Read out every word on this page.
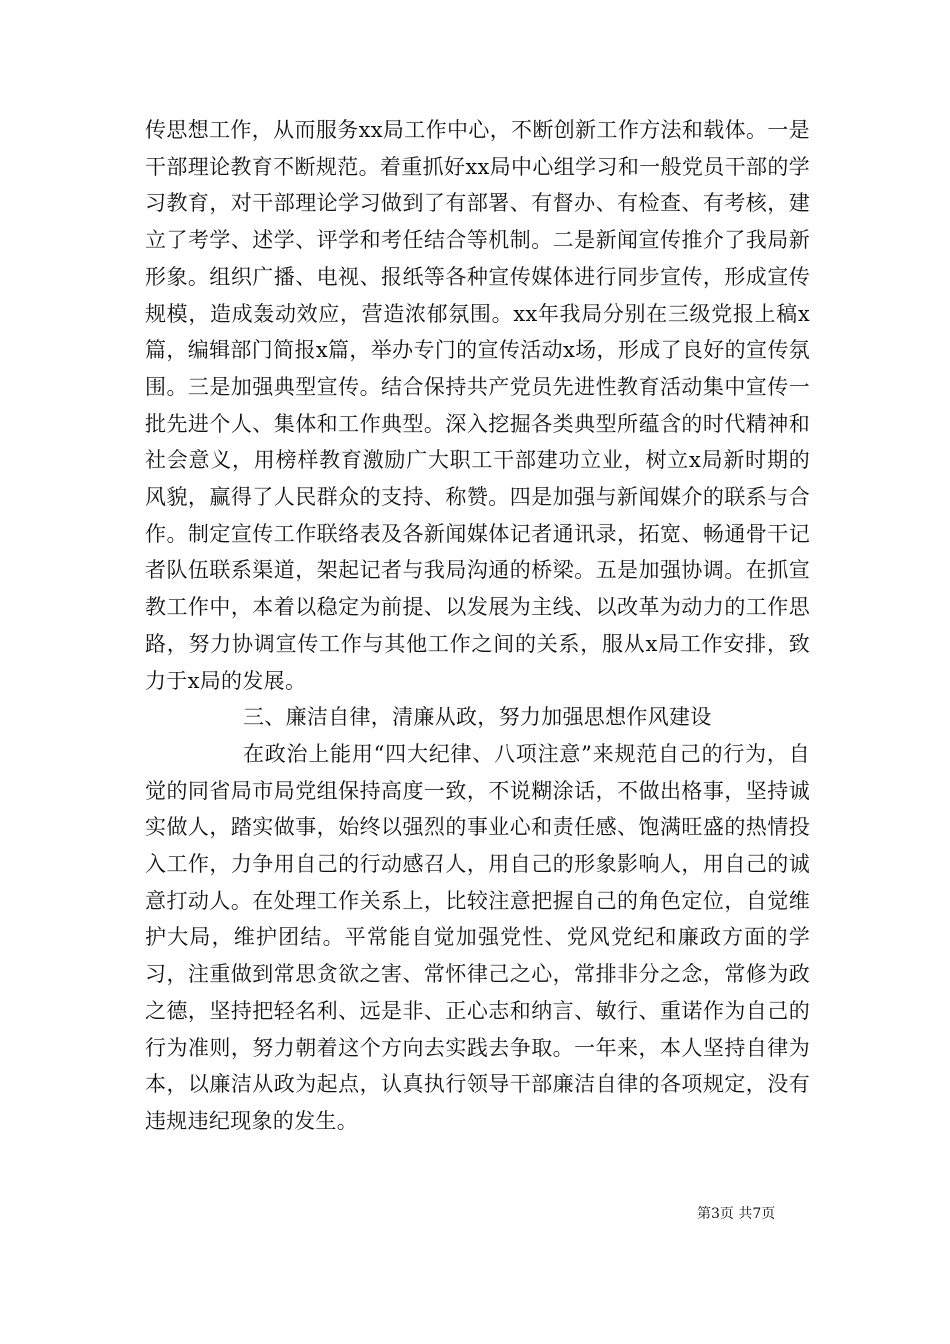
传思想工作，从而服务xx局工作中心，不断创新工作方法和载体。一是干部理论教育不断规范。着重抓好xx局中心组学习和一般党员干部的学习教育，对干部理论学习做到了有部署、有督办、有检查、有考核，建立了考学、述学、评学和考任结合等机制。二是新闻宣传推介了我局新形象。组织广播、电视、报纸等各种宣传媒体进行同步宣传，形成宣传规模，造成轰动效应，营造浓郁氛围。xx年我局分别在三级党报上稿x篇，编辑部门简报x篇，举办专门的宣传活动x场，形成了良好的宣传氛围。三是加强典型宣传。结合保持共产党员先进性教育活动集中宣传一批先进个人、集体和工作典型。深入挖掘各类典型所蕴含的时代精神和社会意义，用榜样教育激励广大职工干部建功立业，树立x局新时期的风貌，赢得了人民群众的支持、称赞。四是加强与新闻媒介的联系与合作。制定宣传工作联络表及各新闻媒体记者通讯录，拓宽、畅通骨干记者队伍联系渠道，架起记者与我局沟通的桥梁。五是加强协调。在抓宣教工作中，本着以稳定为前提、以发展为主线、以改革为动力的工作思路，努力协调宣传工作与其他工作之间的关系，服从x局工作安排，致力于x局的发展。

三、廉洁自律，清廉从政，努力加强思想作风建设

在政治上能用“四大纪律、八项注意”来规范自己的行为，自觉的同省局市局党组保持高度一致，不说糊涂话，不做出格事，坚持诚实做人，踏实做事，始终以强烈的事业心和责任感、饱满旺盛的热情投入工作，力争用自己的行动感召人，用自己的形象影响人，用自己的诚意打动人。在处理工作关系上，比较注意把握自己的角色定位，自觉维护大局，维护团结。平常能自觉加强党性、党风党纪和廉政方面的学习，注重做到常思贪欲之害、常怀律己之心，常排非分之念，常修为政之德，坚持把轻名利、远是非、正心志和纳言、敏行、重诺作为自己的行为准则，努力朝着这个方向去实践去争取。一年来，本人坚持自律为本，以廉洁从政为起点，认真执行领导干部廉洁自律的各项规定，没有违规违纪现象的发生。

第3页 共7页
